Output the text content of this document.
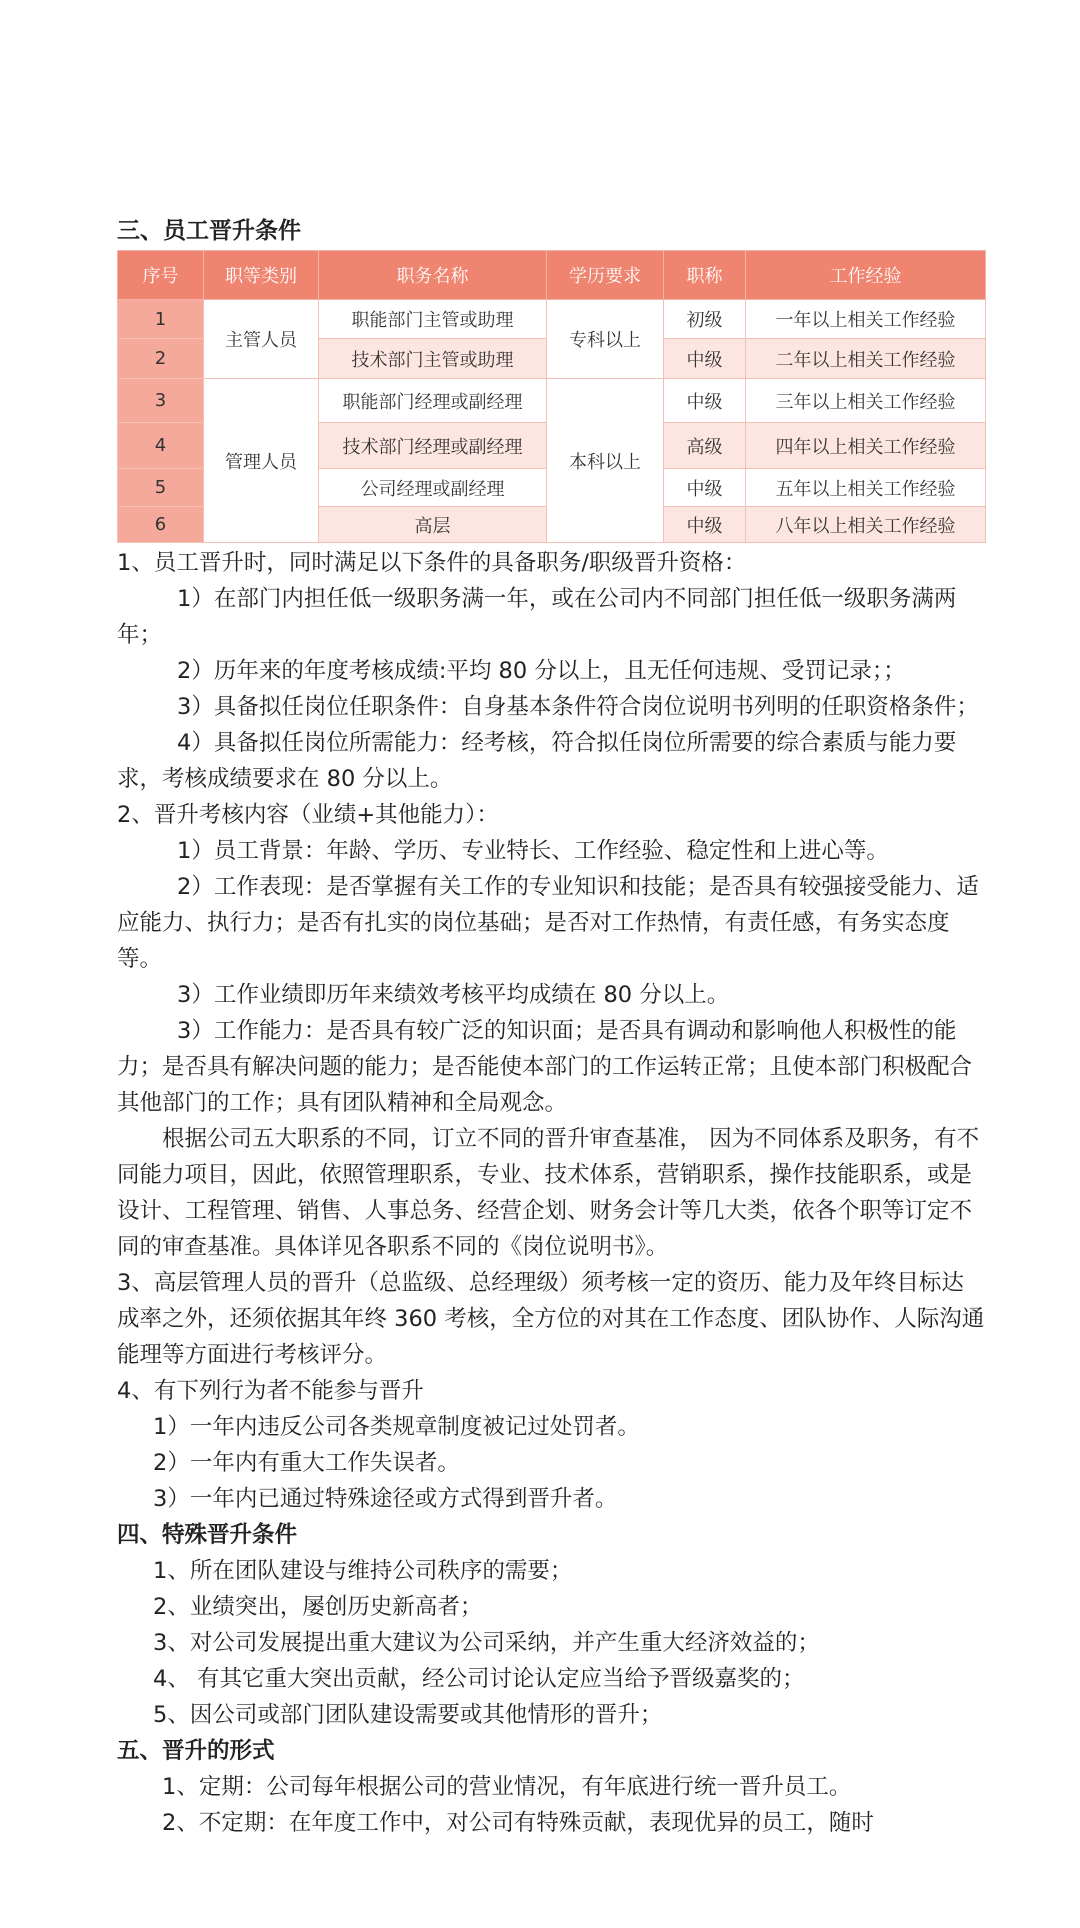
三、员工晋升条件
序号	职等类别	职务名称	学历要求	职称	工作经验
1	主管人员	职能部门主管或助理	专科以上	初级	一年以上相关工作经验
2		技术部门主管或助理		中级	二年以上相关工作经验
3	管理人员	职能部门经理或副经理	本科以上	中级	三年以上相关工作经验
4		技术部门经理或副经理		高级	四年以上相关工作经验
5		公司经理或副经理		中级	五年以上相关工作经验
6		高层		中级	八年以上相关工作经验

1、员工晋升时，同时满足以下条件的具备职务/职级晋升资格：

1）在部门内担任低一级职务满一年，或在公司内不同部门担任低一级职务满两年；

2）历年来的年度考核成绩:平均 80 分以上，且无任何违规、受罚记录；；

3）具备拟任岗位任职条件：自身基本条件符合岗位说明书列明的任职资格条件；

4）具备拟任岗位所需能力：经考核，符合拟任岗位所需要的综合素质与能力要求，考核成绩要求在 80 分以上。

2、晋升考核内容（业绩+其他能力）：

1）员工背景：年龄、学历、专业特长、工作经验、稳定性和上进心等。

2）工作表现：是否掌握有关工作的专业知识和技能；是否具有较强接受能力、适应能力、执行力；是否有扎实的岗位基础；是否对工作热情，有责任感，有务实态度等。

3）工作业绩即历年来绩效考核平均成绩在 80 分以上。

3）工作能力：是否具有较广泛的知识面；是否具有调动和影响他人积极性的能力；是否具有解决问题的能力；是否能使本部门的工作运转正常；且使本部门积极配合其他部门的工作；具有团队精神和全局观念。

根据公司五大职系的不同，订立不同的晋升审查基准， 因为不同体系及职务，有不同能力项目，因此，依照管理职系，专业、技术体系，营销职系，操作技能职系，或是设计、工程管理、销售、人事总务、经营企划、财务会计等几大类，依各个职等订定不同的审查基准。具体详见各职系不同的《岗位说明书》。

3、高层管理人员的晋升（总监级、总经理级）须考核一定的资历、能力及年终目标达成率之外，还须依据其年终 360 考核，全方位的对其在工作态度、团队协作、人际沟通能理等方面进行考核评分。

4、有下列行为者不能参与晋升

1）一年内违反公司各类规章制度被记过处罚者。

2）一年内有重大工作失误者。

3）一年内已通过特殊途径或方式得到晋升者。

四、特殊晋升条件

1、所在团队建设与维持公司秩序的需要；

2、业绩突出，屡创历史新高者；

3、对公司发展提出重大建议为公司采纳，并产生重大经济效益的；

4、 有其它重大突出贡献，经公司讨论认定应当给予晋级嘉奖的；

5、因公司或部门团队建设需要或其他情形的晋升；

五、晋升的形式

1、定期：公司每年根据公司的营业情况，有年底进行统一晋升员工。

2、不定期：在年度工作中，对公司有特殊贡献，表现优异的员工，随时
